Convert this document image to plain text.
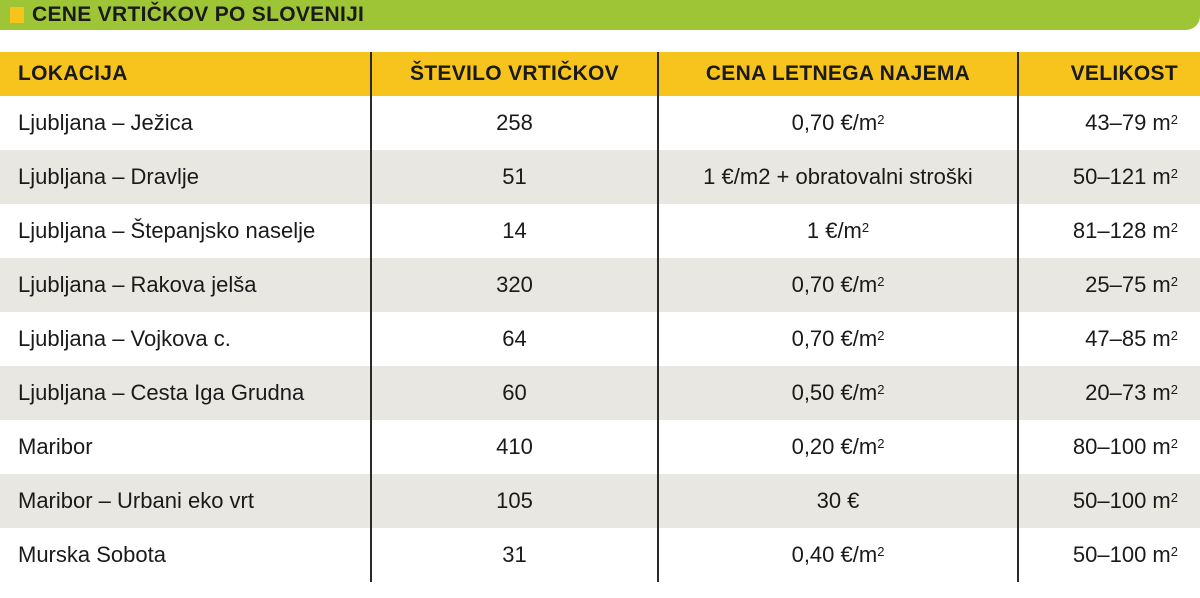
CENE VRTIČKOV PO SLOVENIJI
LOKACIJA	ŠTEVILO VRTIČKOV	CENA LETNEGA NAJEMA	VELIKOST
Ljubljana – Ježica	258	0,70 $€/m^2$	43–79 $m^2$
Ljubljana – Dravlje	51	1 €/m2 + obratovalni stroški	50–121 $m^2$
Ljubljana – Štepanjsko naselje	14	1 $€/m^2$	81–128 $m^2$
Ljubljana – Rakova jelša	320	0,70 $€/m^2$	25–75 $m^2$
Ljubljana – Vojkova c.	64	0,70 $€/m^2$	47–85 $m^2$
Ljubljana – Cesta Iga Grudna	60	0,50 $€/m^2$	20–73 $m^2$
Maribor	410	0,20 $€/m^2$	80–100 $m^2$
Maribor – Urbani eko vrt	105	30 €	50–100 $m^2$
Murska Sobota	31	0,40 $€/m^2$	50–100 $m^2$
